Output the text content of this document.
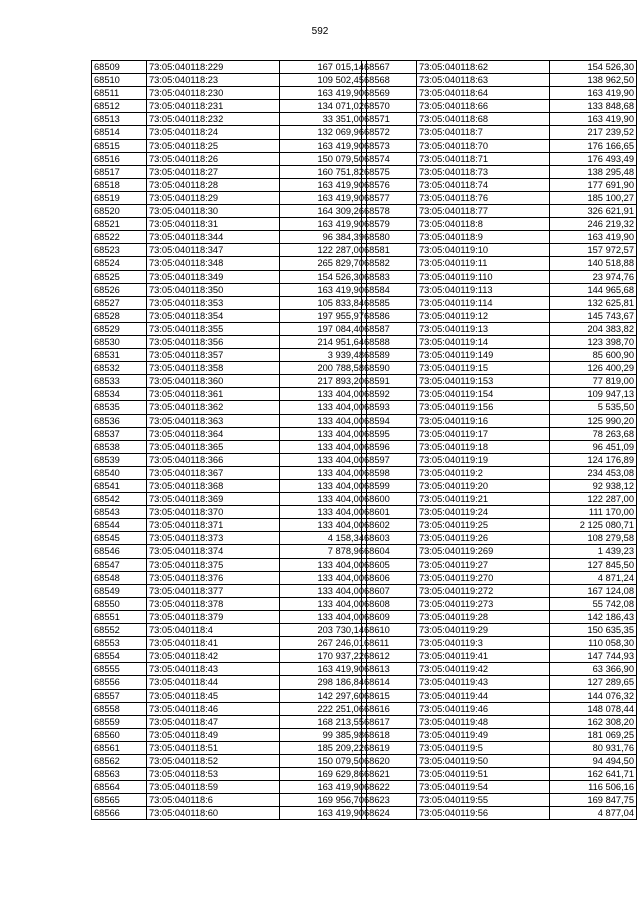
592
68509	73:05:040118:229	167 015,14
68510	73:05:040118:23	109 502,45
68511	73:05:040118:230	163 419,90
68512	73:05:040118:231	134 071,02
68513	73:05:040118:232	33 351,00
68514	73:05:040118:24	132 069,96
68515	73:05:040118:25	163 419,90
68516	73:05:040118:26	150 079,50
68517	73:05:040118:27	160 751,82
68518	73:05:040118:28	163 419,90
68519	73:05:040118:29	163 419,90
68520	73:05:040118:30	164 309,26
68521	73:05:040118:31	163 419,90
68522	73:05:040118:344	96 384,39
68523	73:05:040118:347	122 287,00
68524	73:05:040118:348	265 829,70
68525	73:05:040118:349	154 526,30
68526	73:05:040118:350	163 419,90
68527	73:05:040118:353	105 833,84
68528	73:05:040118:354	197 955,97
68529	73:05:040118:355	197 084,40
68530	73:05:040118:356	214 951,64
68531	73:05:040118:357	3 939,48
68532	73:05:040118:358	200 788,58
68533	73:05:040118:360	217 893,20
68534	73:05:040118:361	133 404,00
68535	73:05:040118:362	133 404,00
68536	73:05:040118:363	133 404,00
68537	73:05:040118:364	133 404,00
68538	73:05:040118:365	133 404,00
68539	73:05:040118:366	133 404,00
68540	73:05:040118:367	133 404,00
68541	73:05:040118:368	133 404,00
68542	73:05:040118:369	133 404,00
68543	73:05:040118:370	133 404,00
68544	73:05:040118:371	133 404,00
68545	73:05:040118:373	4 158,34
68546	73:05:040118:374	7 878,96
68547	73:05:040118:375	133 404,00
68548	73:05:040118:376	133 404,00
68549	73:05:040118:377	133 404,00
68550	73:05:040118:378	133 404,00
68551	73:05:040118:379	133 404,00
68552	73:05:040118:4	203 730,14
68553	73:05:040118:41	267 246,01
68554	73:05:040118:42	170 937,22
68555	73:05:040118:43	163 419,90
68556	73:05:040118:44	298 186,84
68557	73:05:040118:45	142 297,60
68558	73:05:040118:46	222 251,06
68559	73:05:040118:47	168 213,55
68560	73:05:040118:49	99 385,98
68561	73:05:040118:51	185 209,22
68562	73:05:040118:52	150 079,50
68563	73:05:040118:53	169 629,86
68564	73:05:040118:59	163 419,90
68565	73:05:040118:6	169 956,70
68566	73:05:040118:60	163 419,90
68567	73:05:040118:62	154 526,30
68568	73:05:040118:63	138 962,50
68569	73:05:040118:64	163 419,90
68570	73:05:040118:66	133 848,68
68571	73:05:040118:68	163 419,90
68572	73:05:040118:7	217 239,52
68573	73:05:040118:70	176 166,65
68574	73:05:040118:71	176 493,49
68575	73:05:040118:73	138 295,48
68576	73:05:040118:74	177 691,90
68577	73:05:040118:76	185 100,27
68578	73:05:040118:77	326 621,91
68579	73:05:040118:8	246 219,32
68580	73:05:040118:9	163 419,90
68581	73:05:040119:10	157 972,57
68582	73:05:040119:11	140 518,88
68583	73:05:040119:110	23 974,76
68584	73:05:040119:113	144 965,68
68585	73:05:040119:114	132 625,81
68586	73:05:040119:12	145 743,67
68587	73:05:040119:13	204 383,82
68588	73:05:040119:14	123 398,70
68589	73:05:040119:149	85 600,90
68590	73:05:040119:15	126 400,29
68591	73:05:040119:153	77 819,00
68592	73:05:040119:154	109 947,13
68593	73:05:040119:156	5 535,50
68594	73:05:040119:16	125 990,20
68595	73:05:040119:17	78 263,68
68596	73:05:040119:18	96 451,09
68597	73:05:040119:19	124 176,89
68598	73:05:040119:2	234 453,08
68599	73:05:040119:20	92 938,12
68600	73:05:040119:21	122 287,00
68601	73:05:040119:24	111 170,00
68602	73:05:040119:25	2 125 080,71
68603	73:05:040119:26	108 279,58
68604	73:05:040119:269	1 439,23
68605	73:05:040119:27	127 845,50
68606	73:05:040119:270	4 871,24
68607	73:05:040119:272	167 124,08
68608	73:05:040119:273	55 742,08
68609	73:05:040119:28	142 186,43
68610	73:05:040119:29	150 635,35
68611	73:05:040119:3	110 058,30
68612	73:05:040119:41	147 744,93
68613	73:05:040119:42	63 366,90
68614	73:05:040119:43	127 289,65
68615	73:05:040119:44	144 076,32
68616	73:05:040119:46	148 078,44
68617	73:05:040119:48	162 308,20
68618	73:05:040119:49	181 069,25
68619	73:05:040119:5	80 931,76
68620	73:05:040119:50	94 494,50
68621	73:05:040119:51	162 641,71
68622	73:05:040119:54	116 506,16
68623	73:05:040119:55	169 847,75
68624	73:05:040119:56	4 877,04
